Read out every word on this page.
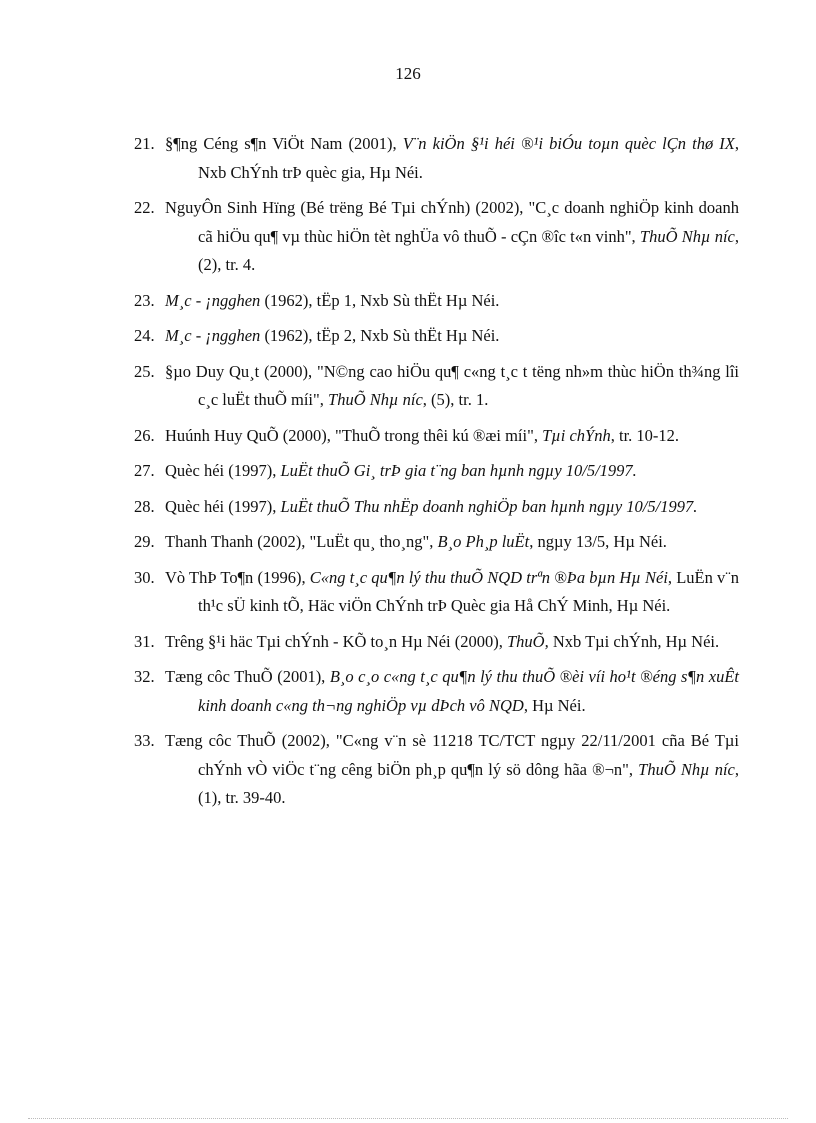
126
21. §¶ng Céng s¶n ViÖt Nam (2001), V¨n kiÖn §¹i héi ®¹i biÓu toµn quèc lÇn thø IX, Nxb ChÝnh trÞ quèc gia, Hµ Néi.
22. NguyÔn Sinh Hïng (Bé trëng Bé Tµi chÝnh) (2002), "C¸c doanh nghiÖp kinh doanh cã hiÖu qu¶ vµ thùc hiÖn tèt nghÜa vô thuÕ - cÇn ®îc t«n vinh", ThuÕ Nhµ níc, (2), tr. 4.
23. M¸c - ¡ngghen (1962), tËp 1, Nxb Sù thËt Hµ Néi.
24. M¸c - ¡ngghen (1962), tËp 2, Nxb Sù thËt Hµ Néi.
25. §µo Duy Qu¸t (2000), "N©ng cao hiÖu qu¶ c«ng t¸c t tëng nh»m thùc hiÖn th¾ng lîi c¸c luËt thuÕ míi", ThuÕ Nhµ níc, (5), tr. 1.
26. Huúnh Huy QuÕ (2000), "ThuÕ trong thêi kú ®æi míi", Tµi chÝnh, tr. 10-12.
27. Quèc héi (1997), LuËt thuÕ Gi¸ trÞ gia t¨ng ban hµnh ngµy 10/5/1997.
28. Quèc héi (1997), LuËt thuÕ Thu nhËp doanh nghiÖp ban hµnh ngµy 10/5/1997.
29. Thanh Thanh (2002), "LuËt qu¸ tho¸ng", B¸o Ph¸p luËt, ngµy 13/5, Hµ Néi.
30. Vò ThÞ To¶n (1996), C«ng t¸c qu¶n lý thu thuÕ NQD trªn ®Þa bµn Hµ Néi, LuËn v¨n th¹c sÜ kinh tÕ, Häc viÖn ChÝnh trÞ Quèc gia Hå ChÝ Minh, Hµ Néi.
31. Trêng §¹i häc Tµi chÝnh - KÕ to¸n Hµ Néi (2000), ThuÕ, Nxb Tµi chÝnh, Hµ Néi.
32. Tæng côc ThuÕ (2001), B¸o c¸o c«ng t¸c qu¶n lý thu thuÕ ®èi víi ho¹t ®éng s¶n xuÊt kinh doanh c«ng th¬ng nghiÖp vµ dÞch vô NQD, Hµ Néi.
33. Tæng côc ThuÕ (2002), "C«ng v¨n sè 11218 TC/TCT ngµy 22/11/2001 cña Bé Tµi chÝnh vÒ viÖc t¨ng cêng biÖn ph¸p qu¶n lý sö dông hãa ®¬n", ThuÕ Nhµ níc, (1), tr. 39-40.
